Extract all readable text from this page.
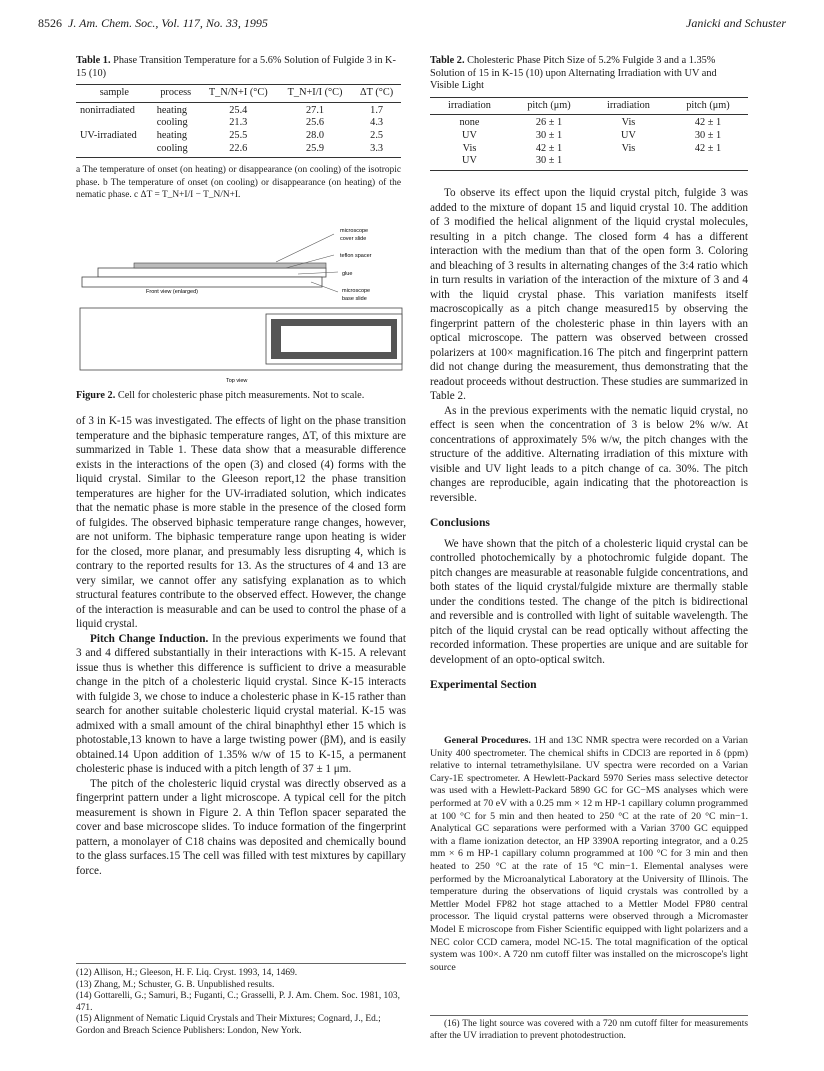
8526 J. Am. Chem. Soc., Vol. 117, No. 33, 1995	Janicki and Schuster
Table 1. Phase Transition Temperature for a 5.6% Solution of Fulgide 3 in K-15 (10)
sample	process	T_N/N+I (°C)	T_N+I/I (°C)	ΔT (°C)
nonirradiated	heating	25.4	27.1	1.7
	cooling	21.3	25.6	4.3
UV-irradiated	heating	25.5	28.0	2.5
	cooling	22.6	25.9	3.3
a The temperature of onset (on heating) or disappearance (on cooling) of the isotropic phase. b The temperature of onset (on cooling) or disappearance (on heating) of the nematic phase. c ΔT = T_N+I/I − T_N/N+I.
microscope
cover slide
teflon spacer
glue
microscope
base slide
Front view (enlarged)
Top view
Figure 2. Cell for cholesteric phase pitch measurements. Not to scale.

of 3 in K-15 was investigated. The effects of light on the phase transition temperature and the biphasic temperature ranges, ΔT, of this mixture are summarized in Table 1. These data show that a measurable difference exists in the interactions of the open (3) and closed (4) forms with the liquid crystal. Similar to the Gleeson report,12 the phase transition temperatures are higher for the UV-irradiated solution, which indicates that the nematic phase is more stable in the presence of the closed form of fulgides. The observed biphasic temperature range changes, however, are not uniform. The biphasic temperature range upon heating is wider for the closed, more planar, and presumably less disrupting 4, which is contrary to the reported results for 13. As the structures of 4 and 13 are very similar, we cannot offer any satisfying explanation as to which structural features contribute to the observed effect. However, the change of the interaction is measurable and can be used to control the phase of a liquid crystal.

Pitch Change Induction. In the previous experiments we found that 3 and 4 differed substantially in their interactions with K-15. A relevant issue thus is whether this difference is sufficient to drive a measurable change in the pitch of a cholesteric liquid crystal. Since K-15 interacts with fulgide 3, we chose to induce a cholesteric phase in K-15 rather than search for another suitable cholesteric liquid crystal material. K-15 was admixed with a small amount of the chiral binaphthyl ether 15 which is photostable,13 known to have a large twisting power (βM), and is easily obtained.14 Upon addition of 1.35% w/w of 15 to K-15, a permanent cholesteric phase is induced with a pitch length of 37 ± 1 μm.

The pitch of the cholesteric liquid crystal was directly observed as a fingerprint pattern under a light microscope. A typical cell for the pitch measurement is shown in Figure 2. A thin Teflon spacer separated the cover and base microscope slides. To induce formation of the fingerprint pattern, a monolayer of C18 chains was deposited and chemically bound to the glass surfaces.15 The cell was filled with test mixtures by capillary force.

(12) Allison, H.; Gleeson, H. F. Liq. Cryst. 1993, 14, 1469.
(13) Zhang, M.; Schuster, G. B. Unpublished results.
(14) Gottarelli, G.; Samuri, B.; Fuganti, C.; Grasselli, P. J. Am. Chem. Soc. 1981, 103, 471.
(15) Alignment of Nematic Liquid Crystals and Their Mixtures; Cognard, J., Ed.; Gordon and Breach Science Publishers: London, New York.
Table 2. Cholesteric Phase Pitch Size of 5.2% Fulgide 3 and a 1.35% Solution of 15 in K-15 (10) upon Alternating Irradiation with UV and Visible Light
irradiation	pitch (μm)	irradiation	pitch (μm)
none	26 ± 1	Vis	42 ± 1
UV	30 ± 1	UV	30 ± 1
Vis	42 ± 1	Vis	42 ± 1
UV	30 ± 1		

To observe its effect upon the liquid crystal pitch, fulgide 3 was added to the mixture of dopant 15 and liquid crystal 10. The addition of 3 modified the helical alignment of the liquid crystal molecules, resulting in a pitch change. The closed form 4 has a different interaction with the medium than that of the open form 3. Coloring and bleaching of 3 results in alternating changes of the 3:4 ratio which in turn results in variation of the interaction of the mixture of 3 and 4 with the liquid crystal phase. This variation manifests itself macroscopically as a pitch change measured15 by observing the fingerprint pattern of the cholesteric phase in thin layers with an optical microscope. The pattern was observed between crossed polarizers at 100× magnification.16 The pitch and fingerprint pattern did not change during the measurement, thus demonstrating that the readout proceeds without destruction. These studies are summarized in Table 2.

As in the previous experiments with the nematic liquid crystal, no effect is seen when the concentration of 3 is below 2% w/w. At concentrations of approximately 5% w/w, the pitch changes with the structure of the additive. Alternating irradiation of this mixture with visible and UV light leads to a pitch change of ca. 30%. The pitch changes are reproducible, again indicating that the photoreaction is reversible.

Conclusions

We have shown that the pitch of a cholesteric liquid crystal can be controlled photochemically by a photochromic fulgide dopant. The pitch changes are measurable at reasonable fulgide concentrations, and both states of the liquid crystal/fulgide mixture are thermally stable under the conditions tested. The change of the pitch is bidirectional and reversible and is controlled with light of suitable wavelength. The pitch of the liquid crystal can be read optically without affecting the recorded information. These properties are unique and are suitable for development of an opto-optical switch.

Experimental Section

General Procedures. 1H and 13C NMR spectra were recorded on a Varian Unity 400 spectrometer. The chemical shifts in CDCl3 are reported in δ (ppm) relative to internal tetramethylsilane. UV spectra were recorded on a Varian Cary-1E spectrometer. A Hewlett-Packard 5970 Series mass selective detector was used with a Hewlett-Packard 5890 GC for GC−MS analyses which were performed at 70 eV with a 0.25 mm × 12 m HP-1 capillary column programmed at 100 °C for 5 min and then heated to 250 °C at the rate of 20 °C min−1. Analytical GC separations were performed with a Varian 3700 GC equipped with a flame ionization detector, an HP 3390A reporting integrator, and a 0.25 mm × 6 m HP-1 capillary column programmed at 100 °C for 3 min and then heated to 250 °C at the rate of 15 °C min−1. Elemental analyses were performed by the Microanalytical Laboratory at the University of Illinois. The temperature during the observations of liquid crystals was controlled by a Mettler Model FP82 hot stage attached to a Mettler Model FP80 central processor. The liquid crystal patterns were observed through a Micromaster Model E microscope from Fisher Scientific equipped with light polarizers and a NEC color CCD camera, model NC-15. The total magnification of the optical system was 100×. A 720 nm cutoff filter was installed on the microscope's light source

(16) The light source was covered with a 720 nm cutoff filter for measurements after the UV irradiation to prevent photodestruction.
